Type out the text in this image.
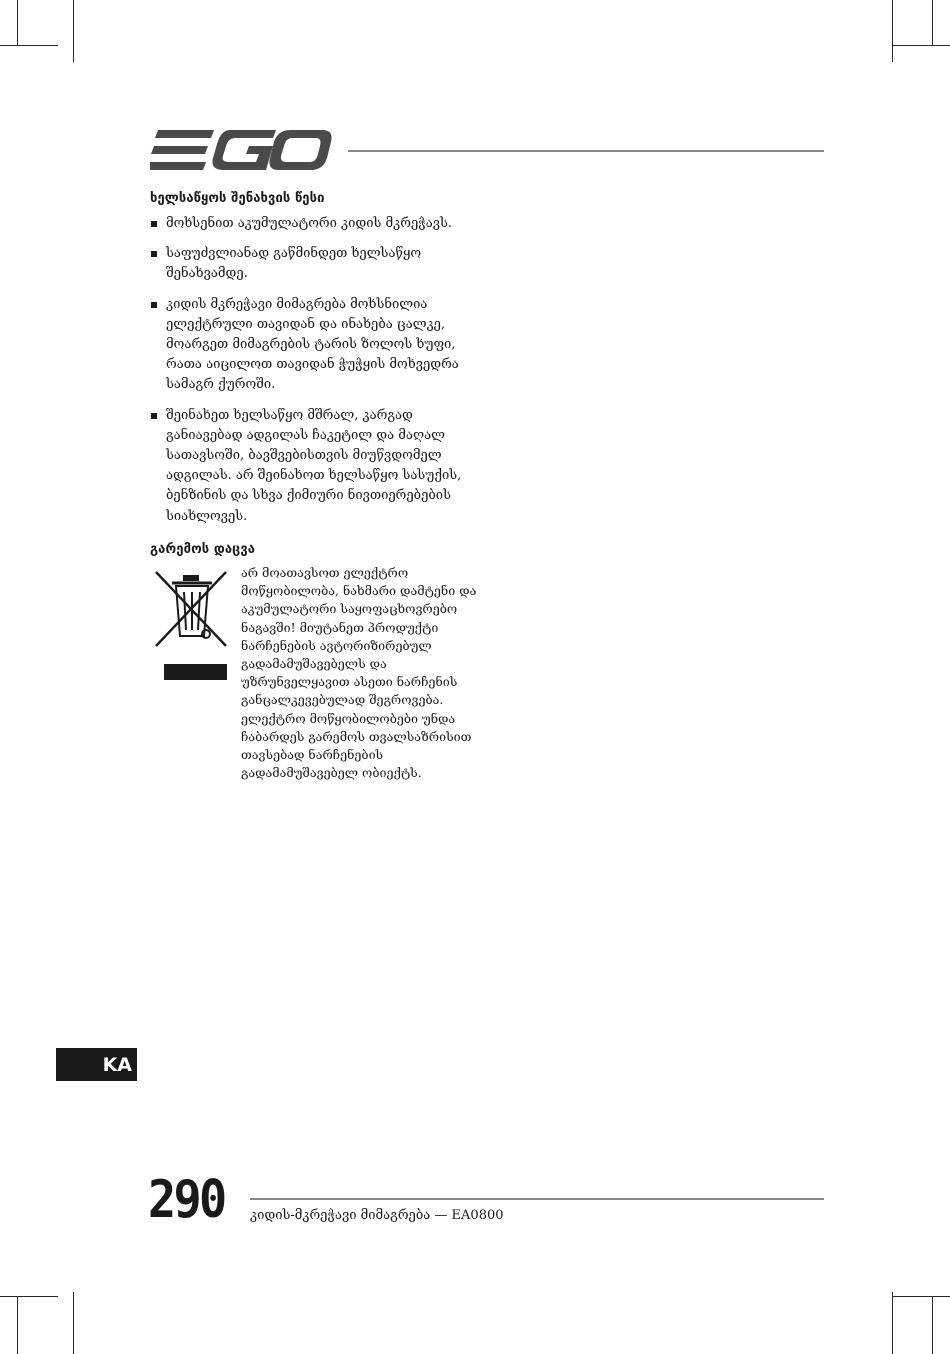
ხელსაწყოს შენახვის წესი
მოხსენით აკუმულატორი კიდის მკრეჭავს.
საფუძვლიანად გაწმინდეთ ხელსაწყო შენახვამდე.
კიდის მკრეჭავი მიმაგრება მოხსნილია ელექტრული თავიდან და ინახება ცალკე, მოარგეთ მიმაგრების ტარის ზოლოს ხუფი, რათა აიცილოთ თავიდან ჭუჭყის მოხვედრა სამაგრ ქუროში.
შეინახეთ ხელსაწყო მშრალ, კარგად განიავებად ადგილას ჩაკეტილ და მაღალ სათავსოში, ბავშვებისთვის მიუწვდომელ ადგილას. არ შეინახოთ ხელსაწყო სასუქის, ბენზინის და სხვა ქიმიური ნივთიერებების სიახლოვეს.
გარემოს დაცვა

არ მოათავსოთ ელექტრო მოწყობილობა, ნახმარი დამტენი და აკუმულატორი საყოფაცხოვრებო ნაგავში! მიუტანეთ პროდუქტი ნარჩენების ავტორიზირებულ გადამამუშავებელს და უზრუნველყავით ასეთი ნარჩენის განცალკევებულად შეგროვება. ელექტრო მოწყობილობები უნდა ჩაბარდეს გარემოს თვალსაზრისით თავსებად ნარჩენების გადამამუშავებელ ობიექტს.

KA
290 კიდის-მკრეჭავი მიმაგრება — EA0800
